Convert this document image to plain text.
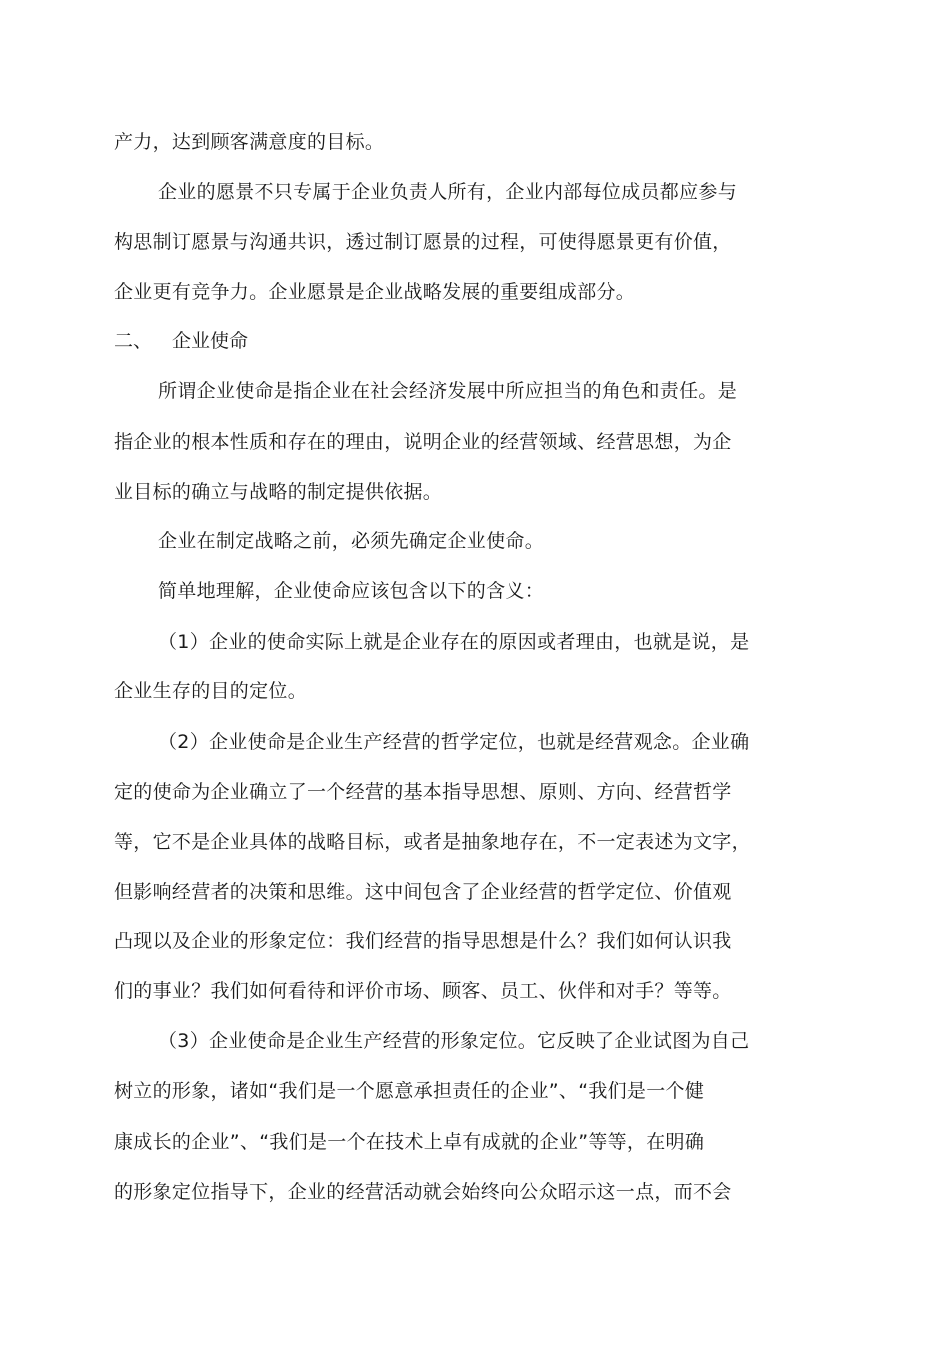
产力，达到顾客满意度的目标。
企业的愿景不只专属于企业负责人所有，企业内部每位成员都应参与
构思制订愿景与沟通共识，透过制订愿景的过程，可使得愿景更有价值，
企业更有竞争力。企业愿景是企业战略发展的重要组成部分。
二、 企业使命
所谓企业使命是指企业在社会经济发展中所应担当的角色和责任。是
指企业的根本性质和存在的理由，说明企业的经营领域、经营思想，为企
业目标的确立与战略的制定提供依据。
企业在制定战略之前，必须先确定企业使命。
简单地理解，企业使命应该包含以下的含义：
（1）企业的使命实际上就是企业存在的原因或者理由，也就是说，是
企业生存的目的定位。
（2）企业使命是企业生产经营的哲学定位，也就是经营观念。企业确
定的使命为企业确立了一个经营的基本指导思想、原则、方向、经营哲学
等，它不是企业具体的战略目标，或者是抽象地存在，不一定表述为文字，
但影响经营者的决策和思维。这中间包含了企业经营的哲学定位、价值观
凸现以及企业的形象定位：我们经营的指导思想是什么？我们如何认识我
们的事业？我们如何看待和评价市场、顾客、员工、伙伴和对手？等等。
（3）企业使命是企业生产经营的形象定位。它反映了企业试图为自己
树立的形象，诸如“我们是一个愿意承担责任的企业”、“我们是一个健
康成长的企业”、“我们是一个在技术上卓有成就的企业”等等，在明确
的形象定位指导下，企业的经营活动就会始终向公众昭示这一点，而不会
